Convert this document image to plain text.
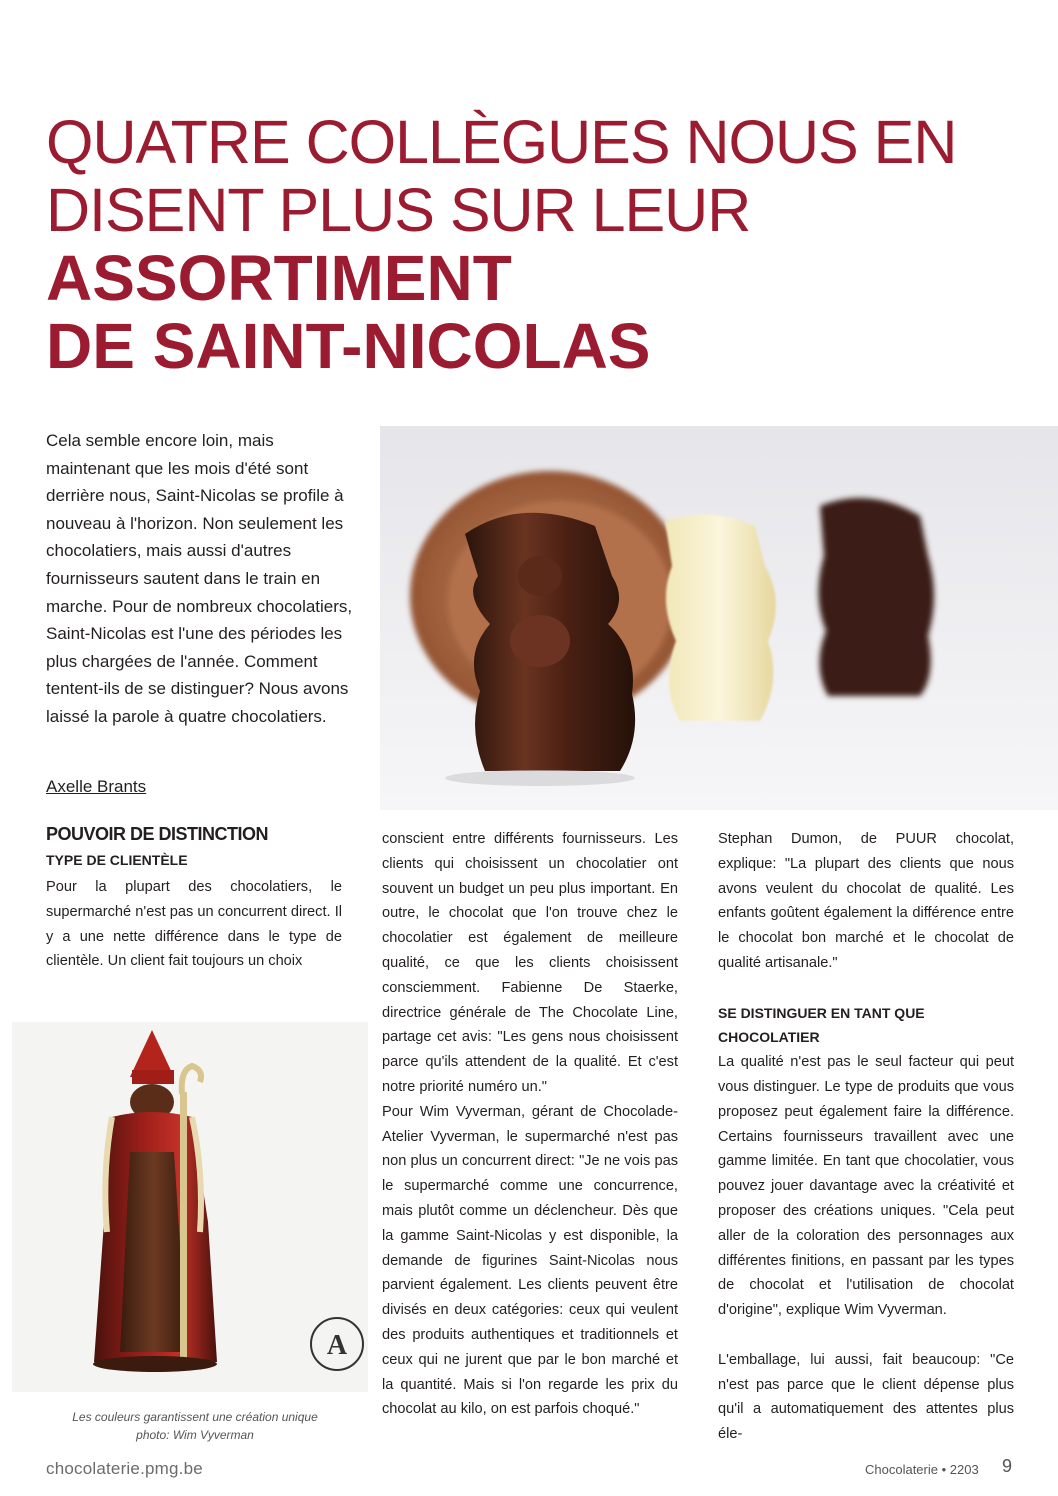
QUATRE COLLÈGUES NOUS EN
DISENT PLUS SUR LEUR
ASSORTIMENT
DE SAINT-NICOLAS

Cela semble encore loin, mais maintenant que les mois d'été sont derrière nous, Saint-Nicolas se profile à nouveau à l'horizon. Non seulement les chocolatiers, mais aussi d'autres fournisseurs sautent dans le train en marche. Pour de nombreux chocolatiers, Saint-Nicolas est l'une des périodes les plus chargées de l'année. Comment tentent-ils de se distinguer? Nous avons laissé la parole à quatre chocolatiers.

Axelle Brants

A
Les couleurs garantissent une création unique
photo: Wim Vyverman
POUVOIR DE DISTINCTION
TYPE DE CLIENTÈLE

Pour la plupart des chocolatiers, le supermarché n'est pas un concurrent direct. Il y a une nette différence dans le type de clientèle. Un client fait toujours un choix

conscient entre différents fournisseurs. Les clients qui choisissent un chocolatier ont souvent un budget un peu plus important. En outre, le chocolat que l'on trouve chez le chocolatier est également de meilleure qualité, ce que les clients choisissent consciemment. Fabienne De Staerke, directrice générale de The Chocolate Line, partage cet avis: "Les gens nous choisissent parce qu'ils attendent de la qualité. Et c'est notre priorité numéro un."

Pour Wim Vyverman, gérant de Chocolade-Atelier Vyverman, le supermarché n'est pas non plus un concurrent direct: "Je ne vois pas le supermarché comme une concurrence, mais plutôt comme un déclencheur. Dès que la gamme Saint-Nicolas y est disponible, la demande de figurines Saint-Nicolas nous parvient également. Les clients peuvent être divisés en deux catégories: ceux qui veulent des produits authentiques et traditionnels et ceux qui ne jurent que par le bon marché et la quantité. Mais si l'on regarde les prix du chocolat au kilo, on est parfois choqué."

Stephan Dumon, de PUUR chocolat, explique: "La plupart des clients que nous avons veulent du chocolat de qualité. Les enfants goûtent également la différence entre le chocolat bon marché et le chocolat de qualité artisanale."

SE DISTINGUER EN TANT QUE CHOCOLATIER

La qualité n'est pas le seul facteur qui peut vous distinguer. Le type de produits que vous proposez peut également faire la différence. Certains fournisseurs travaillent avec une gamme limitée. En tant que chocolatier, vous pouvez jouer davantage avec la créativité et proposer des créations uniques. "Cela peut aller de la coloration des personnages aux différentes finitions, en passant par les types de chocolat et l'utilisation de chocolat d'origine", explique Wim Vyverman.

L'emballage, lui aussi, fait beaucoup: "Ce n'est pas parce que le client dépense plus qu'il a automatiquement des attentes plus éle-

chocolaterie.pmg.be	Chocolaterie • 2203 9
